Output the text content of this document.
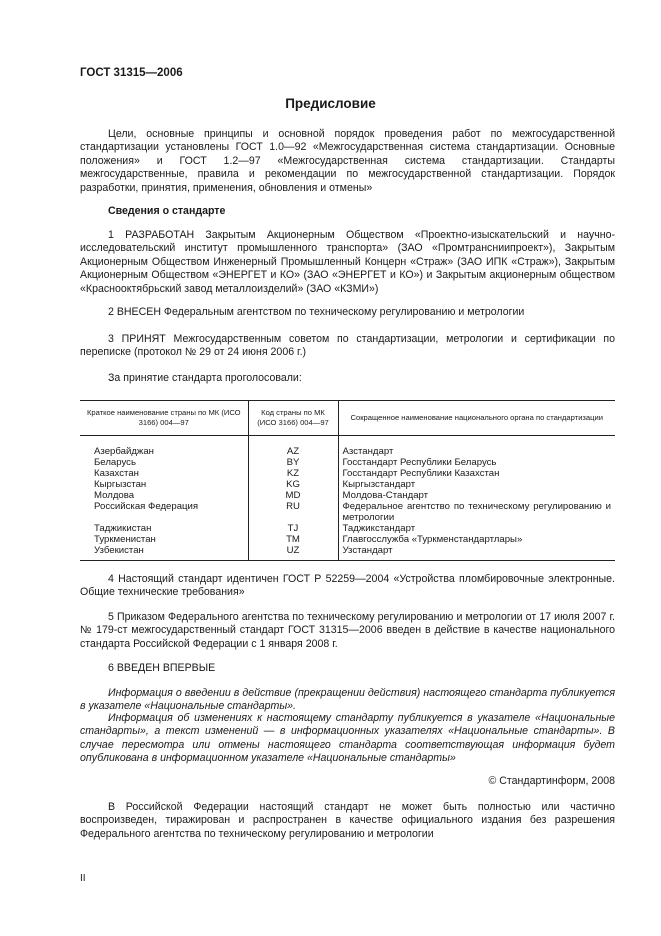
ГОСТ 31315—2006
Предисловие
Цели, основные принципы и основной порядок проведения работ по межгосударственной стандартизации установлены ГОСТ 1.0—92 «Межгосударственная система стандартизации. Основные положения» и ГОСТ 1.2—97 «Межгосударственная система стандартизации. Стандарты межгосударственные, правила и рекомендации по межгосударственной стандартизации. Порядок разработки, принятия, применения, обновления и отмены»
Сведения о стандарте
1 РАЗРАБОТАН Закрытым Акционерным Обществом «Проектно-изыскательский и научно-исследовательский институт промышленного транспорта» (ЗАО «Промтрансниипроект»), Закрытым Акционерным Обществом Инженерный Промышленный Концерн «Страж» (ЗАО ИПК «Страж»), Закрытым Акционерным Обществом «ЭНЕРГЕТ и КО» (ЗАО «ЭНЕРГЕТ и КО») и Закрытым акционерным обществом «Красноoктябрьский завод металлоизделий» (ЗАО «КЗМИ»)
2 ВНЕСЕН Федеральным агентством по техническому регулированию и метрологии
3 ПРИНЯТ Межгосударственным советом по стандартизации, метрологии и сертификации по переписке (протокол № 29 от 24 июня 2006 г.)
За принятие стандарта проголосовали:
Краткое наименование страны по МК (ИСО 3166) 004—97	Код страны по МК (ИСО 3166) 004—97	Сокращенное наименование национального органа по стандартизации
Азербайджан	AZ	Азстандарт
Беларусь	BY	Госстандарт Республики Беларусь
Казахстан	KZ	Госстандарт Республики Казахстан
Кыргызстан	KG	Кыргызстандарт
Молдова	MD	Молдова-Стандарт
Российская Федерация	RU	Федеральное агентство по техническому регулированию и метрологии
Таджикистан	TJ	Таджикстандарт
Туркменистан	TM	Главгосслужба «Туркменстандартлары»
Узбекистан	UZ	Узстандарт
4 Настоящий стандарт идентичен ГОСТ Р 52259—2004 «Устройства пломбировочные электронные. Общие технические требования»
5 Приказом Федерального агентства по техническому регулированию и метрологии от 17 июля 2007 г. № 179-ст межгосударственный стандарт ГОСТ 31315—2006 введен в действие в качестве национального стандарта Российской Федерации с 1 января 2008 г.
6 ВВЕДЕН ВПЕРВЫЕ
Информация о введении в действие (прекращении действия) настоящего стандарта публикуется в указателе «Национальные стандарты».
Информация об изменениях к настоящему стандарту публикуется в указателе «Национальные стандарты», а текст изменений — в информационных указателях «Национальные стандарты». В случае пересмотра или отмены настоящего стандарта соответствующая информация будет опубликована в информационном указателе «Национальные стандарты»
© Стандартинформ, 2008
В Российской Федерации настоящий стандарт не может быть полностью или частично воспроизведен, тиражирован и распространен в качестве официального издания без разрешения Федерального агентства по техническому регулированию и метрологии
II
